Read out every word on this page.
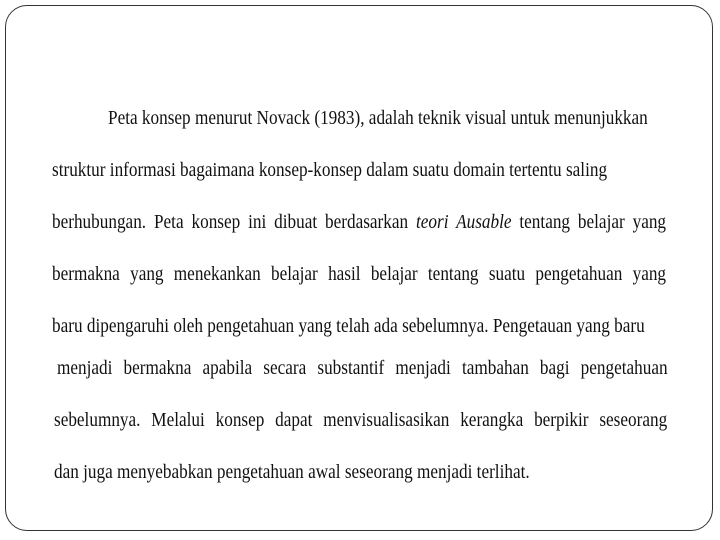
Peta konsep menurut Novack (1983), adalah teknik visual untuk menunjukkan
struktur informasi bagaimana konsep-konsep dalam suatu domain tertentu saling
berhubungan. Peta konsep ini dibuat berdasarkan teori Ausable tentang belajar yang
bermakna yang menekankan belajar hasil belajar tentang suatu pengetahuan yang
baru dipengaruhi oleh pengetahuan yang telah ada sebelumnya. Pengetauan yang baru
menjadi bermakna apabila secara substantif menjadi tambahan bagi pengetahuan
sebelumnya. Melalui konsep dapat menvisualisasikan kerangka berpikir seseorang
dan juga menyebabkan pengetahuan awal seseorang menjadi terlihat.
